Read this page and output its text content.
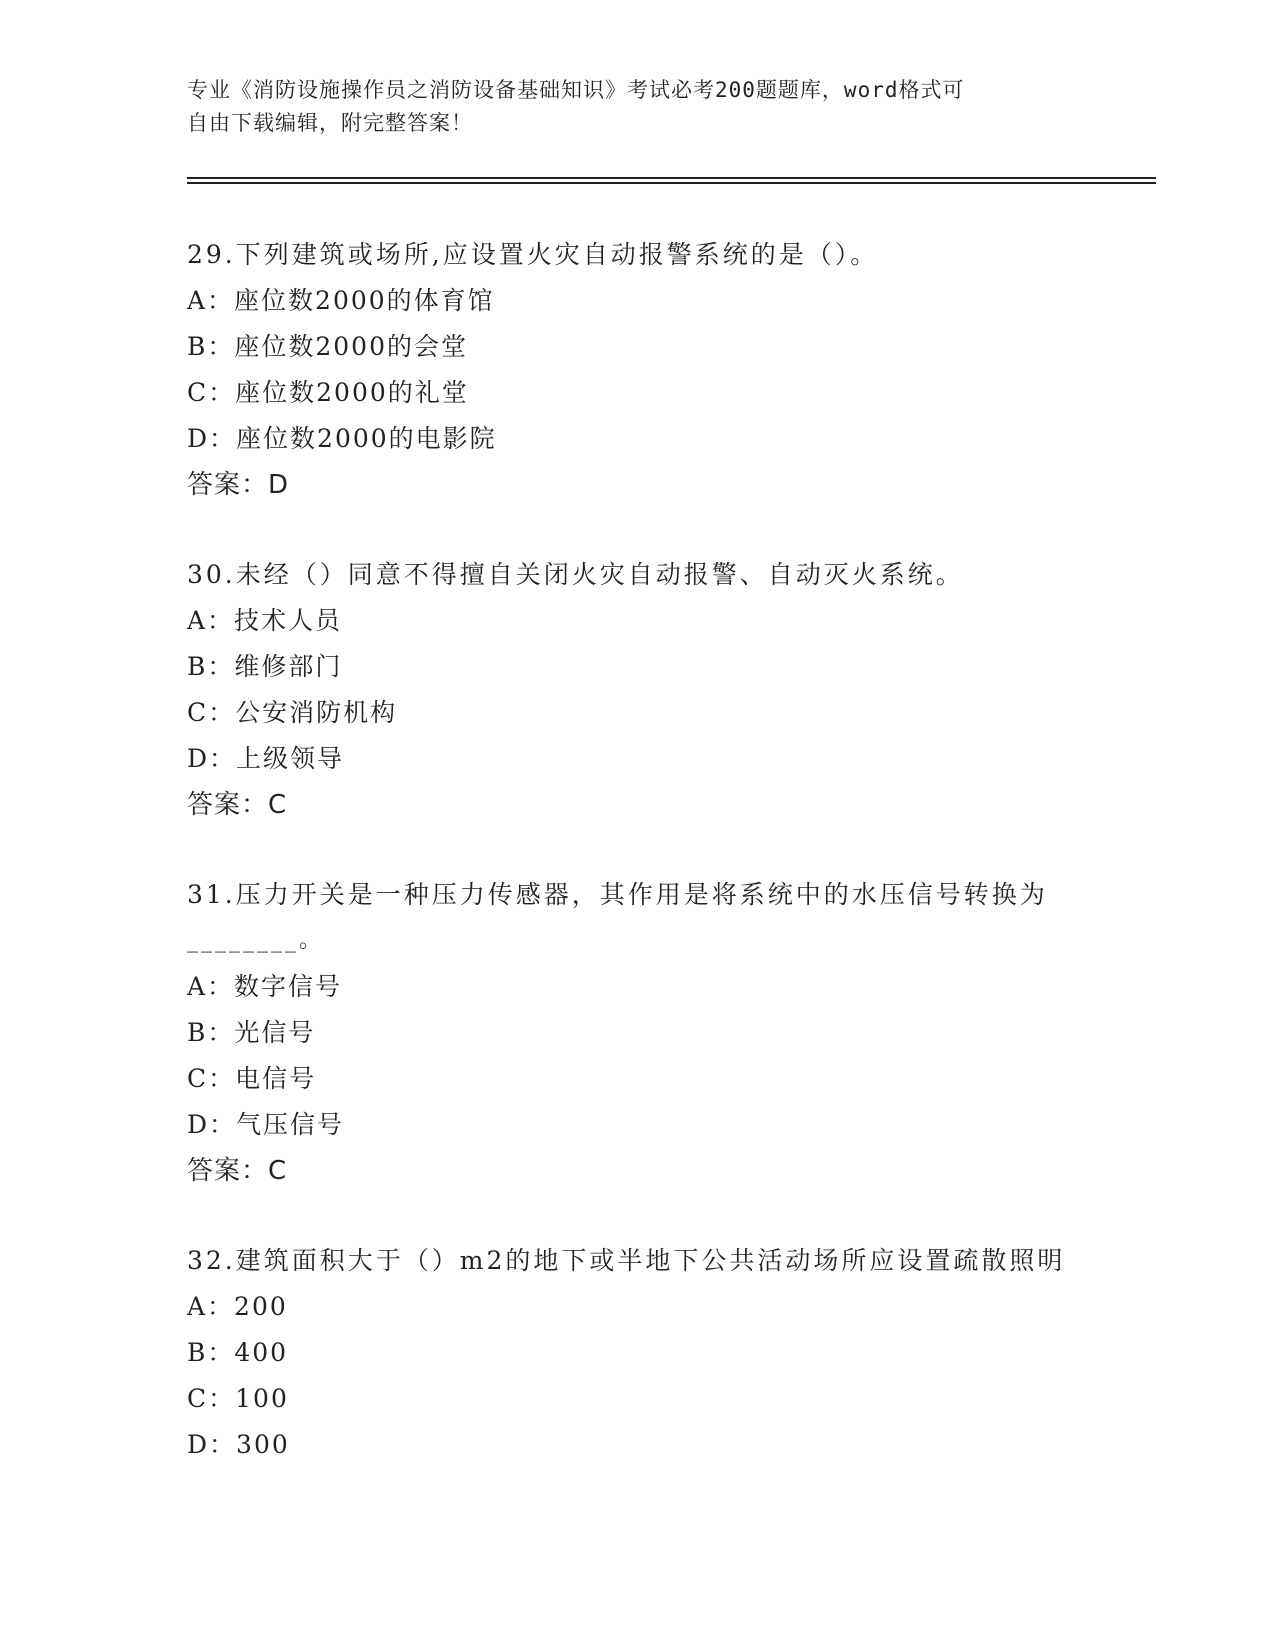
专业《消防设施操作员之消防设备基础知识》考试必考200题题库，word格式可
自由下载编辑，附完整答案！
29.下列建筑或场所,应设置火灾自动报警系统的是（）。
A：座位数2000的体育馆
B：座位数2000的会堂
C：座位数2000的礼堂
D：座位数2000的电影院
答案：D
30.未经（）同意不得擅自关闭火灾自动报警、自动灭火系统。
A：技术人员
B：维修部门
C：公安消防机构
D：上级领导
答案：C
31.压力开关是一种压力传感器，其作用是将系统中的水压信号转换为
________。
A：数字信号
B：光信号
C：电信号
D：气压信号
答案：C
32.建筑面积大于（）m2的地下或半地下公共活动场所应设置疏散照明
A：200
B：400
C：100
D：300
